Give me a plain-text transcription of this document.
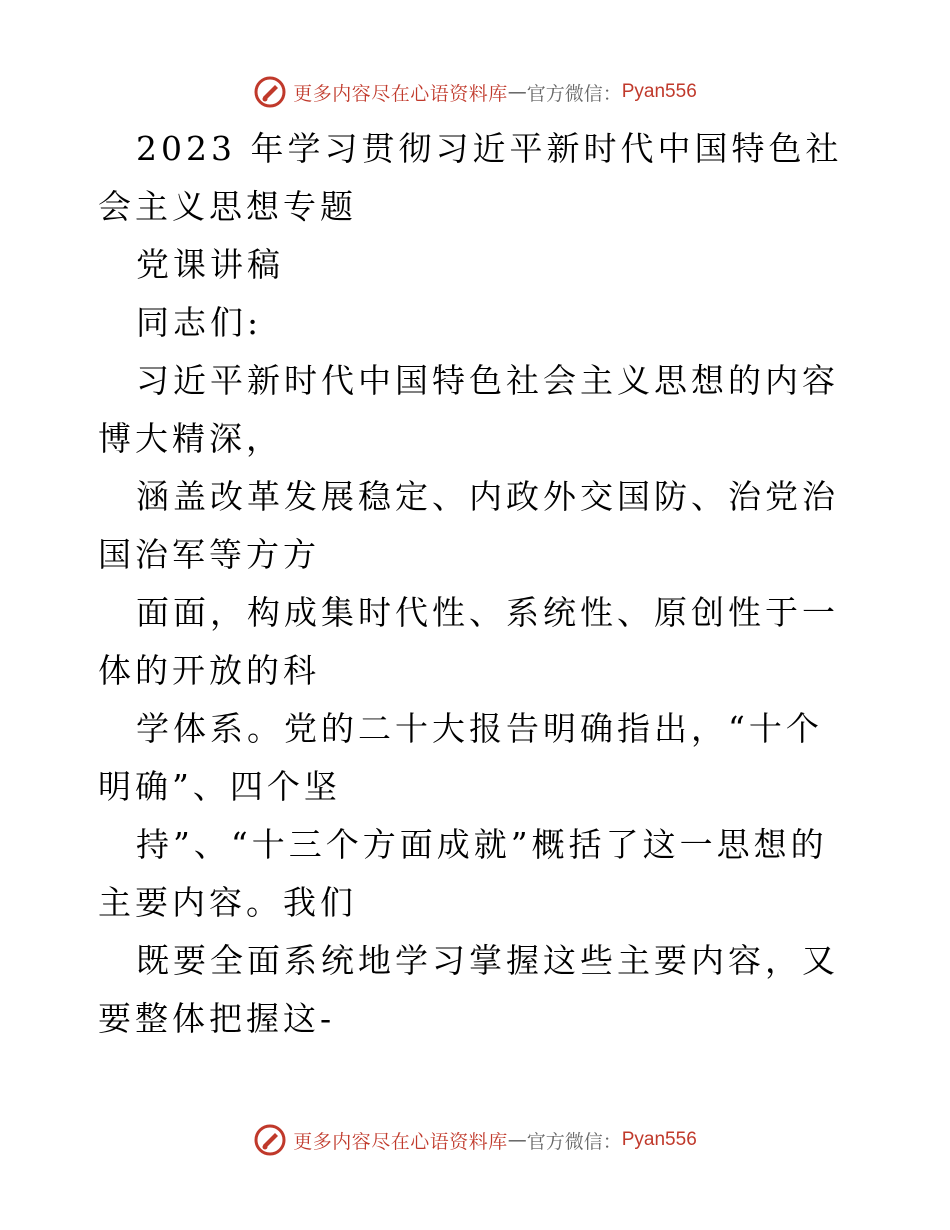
更多内容尽在心语资料库 — 官方微信： Pyan556

2023 年学习贯彻习近平新时代中国特色社会主义思想专题

党课讲稿

同志们:

习近平新时代中国特色社会主义思想的内容博大精深，

涵盖改革发展稳定、内政外交国防、治党治国治军等方方

面面，构成集时代性、系统性、原创性于一体的开放的科

学体系。党的二十大报告明确指出，“十个明确”、四个坚

持”、“十三个方面成就”概括了这一思想的主要内容。我们

既要全面系统地学习掌握这些主要内容，又要整体把握这-

更多内容尽在心语资料库 — 官方微信： Pyan556
